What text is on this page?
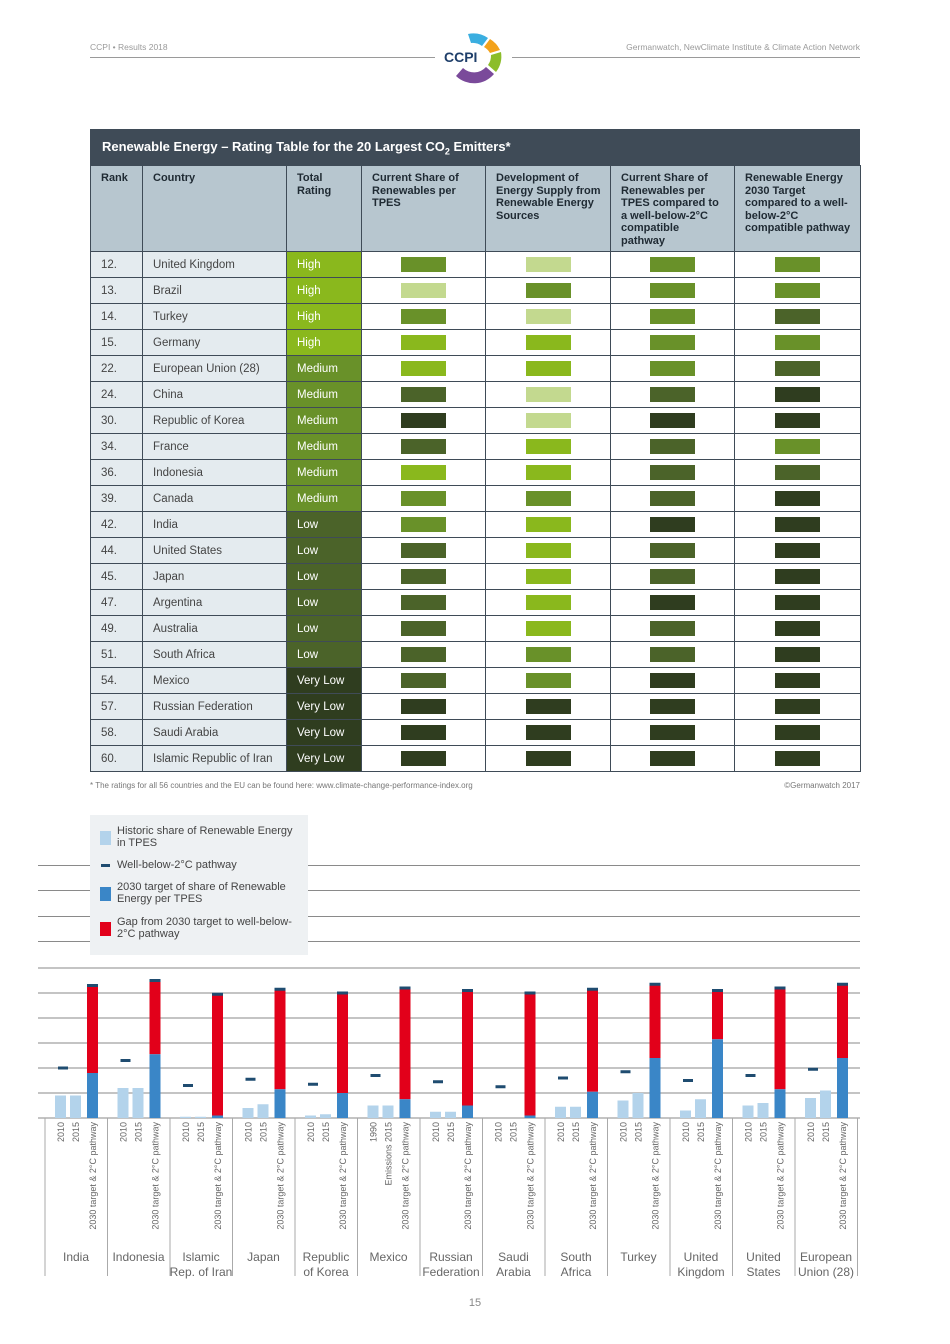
CCPI • Results 2018	Germanwatch, NewClimate Institute & Climate Action Network
CCPI
Renewable Energy – Rating Table for the 20 Largest $CO_2$ Emitters*
Rank	Country	Total Rating	Current Share of Renewables per TPES	Development of Energy Supply from Renewable Energy Sources	Current Share of Renewables per TPES compared to a well-below-2°C compatible pathway	Renewable Energy 2030 Target compared to a well-below-2°C compatible pathway
12.	United Kingdom	High				
13.	Brazil	High				
14.	Turkey	High				
15.	Germany	High				
22.	European Union (28)	Medium				
24.	China	Medium				
30.	Republic of Korea	Medium				
34.	France	Medium				
36.	Indonesia	Medium				
39.	Canada	Medium				
42.	India	Low				
44.	United States	Low				
45.	Japan	Low				
47.	Argentina	Low				
49.	Australia	Low				
51.	South Africa	Low				
54.	Mexico	Very Low				
57.	Russian Federation	Very Low				
58.	Saudi Arabia	Very Low				
60.	Islamic Republic of Iran	Very Low				
* The ratings for all 56 countries and the EU can be found here: www.climate-change-performance-index.org	©Germanwatch 2017
Historic share of Renewable Energy in TPES
Well-below-2°C pathway
2030 target of share of Renewable Energy per TPES
Gap from 2030 target to well-below-2°C pathway
2010 2015 2030 target & 2°C pathway
India
2010 2015 2030 target & 2°C pathway
Indonesia
2010 2015 2030 target & 2°C pathway
Islamic Rep. of Iran
2010 2015 2030 target & 2°C pathway
Japan
2010 2015 2030 target & 2°C pathway
Republic of Korea
1990 Emissions 2015 2030 target & 2°C pathway
Mexico
2010 2015 2030 target & 2°C pathway
Russian Federation
2010 2015 2030 target & 2°C pathway
Saudi Arabia
2010 2015 2030 target & 2°C pathway
South Africa
2010 2015 2030 target & 2°C pathway
Turkey
2010 2015 2030 target & 2°C pathway
United Kingdom
2010 2015 2030 target & 2°C pathway
United States
2010 2015 2030 target & 2°C pathway
European Union (28)
15
